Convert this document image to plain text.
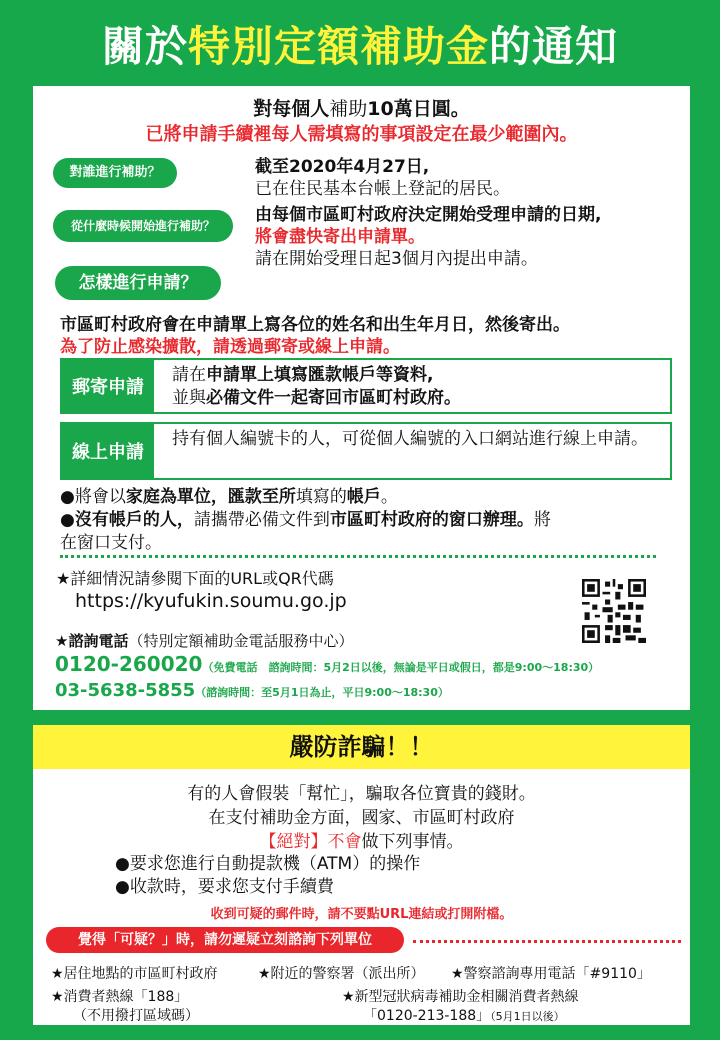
關於特別定額補助金的通知
對每個人補助10萬日圓。
已將申請手續裡每人需填寫的事項設定在最少範圍內。
對誰進行補助？	截至2020年4月27日,
已在住民基本台帳上登記的居民。
從什麼時候開始進行補助？
由每個市區町村政府決定開始受理申請的日期,
將會盡快寄出申請單。
請在開始受理日起3個月內提出申請。
怎樣進行申請？
市區町村政府會在申請單上寫各位的姓名和出生年月日，然後寄出。
為了防止感染擴散，請透過郵寄或線上申請。
郵寄申請
請在申請單上填寫匯款帳戶等資料,
並與必備文件一起寄回市區町村政府。
線上申請
持有個人編號卡的人，可從個人編號的入口網站進行線上申請。
●將會以家庭為單位，匯款至所填寫的帳戶。
●沒有帳戶的人，請攜帶必備文件到市區町村政府的窗口辦理。將
在窗口支付。
★詳細情況請參閱下面的URL或QR代碼
https://kyufukin.soumu.go.jp
★諮詢電話（特別定額補助金電話服務中心）
0120-260020（免費電話　諮詢時間：5月2日以後，無論是平日或假日，都是9:00～18:30）
03-5638-5855（諮詢時間：至5月1日為止，平日9:00～18:30）
嚴防詐騙！！
有的人會假裝「幫忙」，騙取各位寶貴的錢財。
在支付補助金方面，國家、市區町村政府
【絕對】不會做下列事情。
●要求您進行自動提款機（ATM）的操作
●收款時，要求您支付手續費
收到可疑的郵件時，請不要點URL連結或打開附檔。
覺得「可疑？」時，請勿遲疑立刻諮詢下列單位
★居住地點的市區町村政府	★附近的警察署（派出所） ★警察諮詢專用電話「#9110」
★消費者熱線「188」
（不用撥打區域碼）
★新型冠狀病毒補助金相關消費者熱線
「0120-213-188」（5月1日以後）
